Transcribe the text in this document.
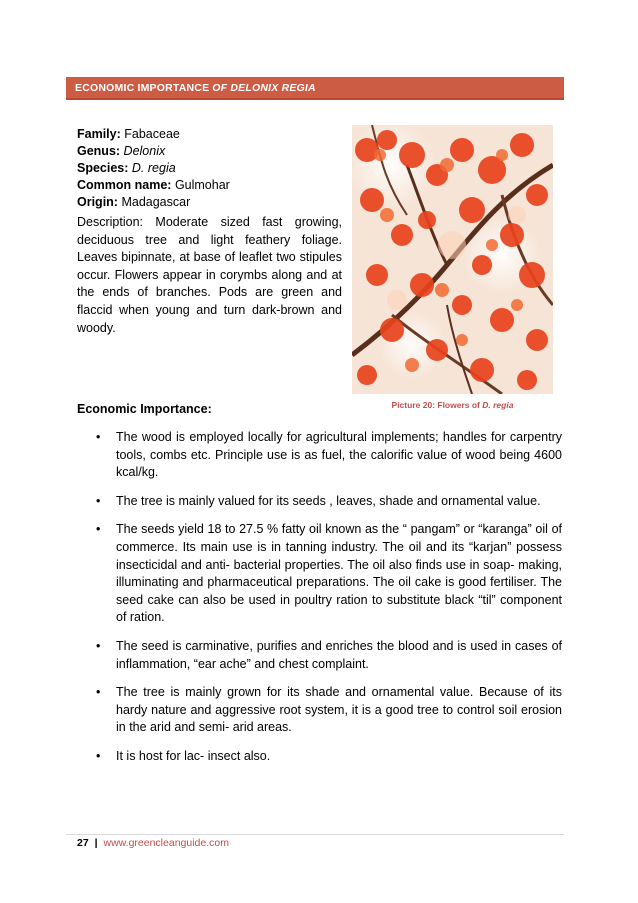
ECONOMIC IMPORTANCE OF DELONIX REGIA
Family: Fabaceae
Genus: Delonix
Species: D. regia
Common name: Gulmohar
Origin: Madagascar
Description: Moderate sized fast growing, deciduous tree and light feathery foliage. Leaves bipinnate, at base of leaflet two stipules occur. Flowers appear in corymbs along and at the ends of branches. Pods are green and flaccid when young and turn dark-brown and woody.
Picture 20: Flowers of D. regia
Economic Importance:
• The wood is employed locally for agricultural implements; handles for carpentry tools, combs etc. Principle use is as fuel, the calorific value of wood being 4600 kcal/kg.
• The tree is mainly valued for its seeds , leaves, shade and ornamental value.
• The seeds yield 18 to 27.5 % fatty oil known as the “ pangam” or “karanga” oil of commerce. Its main use is in tanning industry. The oil and its “karjan” possess insecticidal and anti- bacterial properties. The oil also finds use in soap- making, illuminating and pharmaceutical preparations. The oil cake is good fertiliser. The seed cake can also be used in poultry ration to substitute black “til” component of ration.
• The seed is carminative, purifies and enriches the blood and is used in cases of inflammation, “ear ache” and chest complaint.
• The tree is mainly grown for its shade and ornamental value. Because of its hardy nature and aggressive root system, it is a good tree to control soil erosion in the arid and semi- arid areas.
• It is host for lac- insect also.
27 | www.greencleanguide.com
